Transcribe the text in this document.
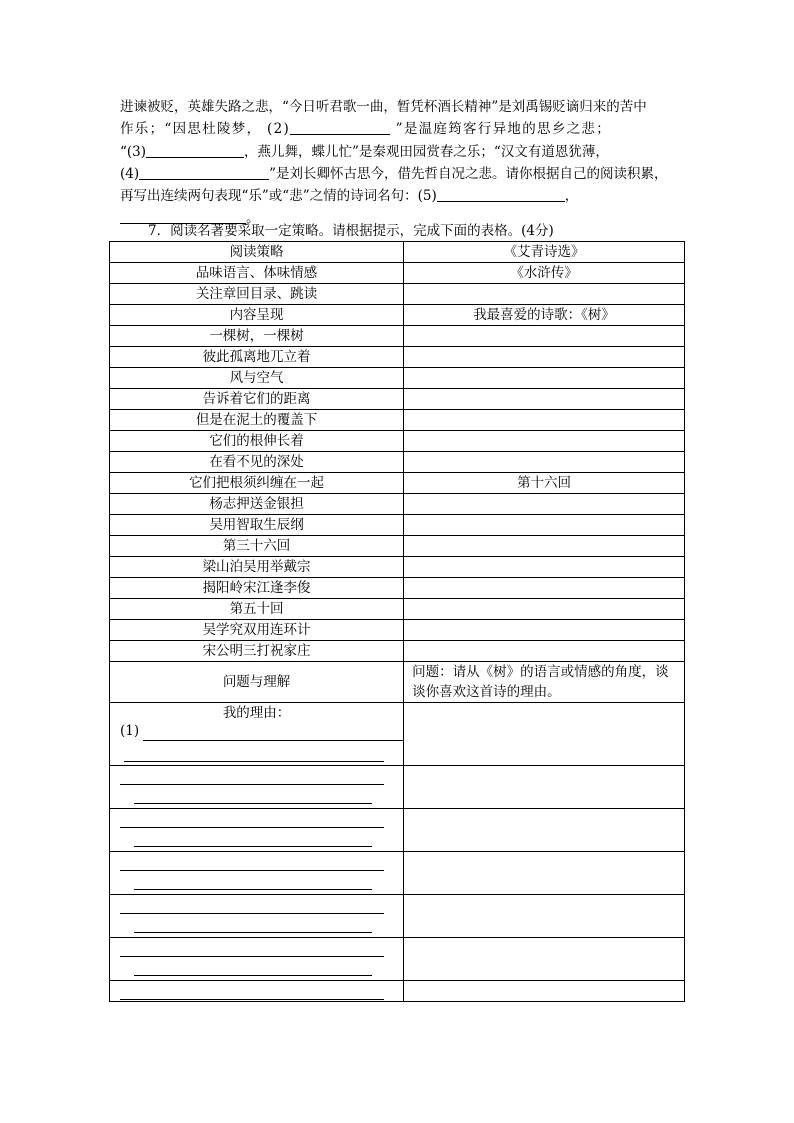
进谏被贬，英雄失路之悲，“今日听君歌一曲，暂凭杯酒长精神”是刘禹锡贬谪归来的苦中
作乐；“因思杜陵梦， (2)	”是温庭筠客行异地的思乡之悲；
“(3)	，燕儿舞，蝶儿忙”是秦观田园赏春之乐；“汉文有道恩犹薄，
(4)	”是刘长卿怀古思今，借先哲自况之悲。请你根据自己的阅读积累，
再写出连续两句表现“乐”或“悲”之情的诗词名句：(5)	，
。
7．阅读名著要采取一定策略。请根据提示，完成下面的表格。(4分)
阅读策略	《艾青诗选》
品味语言、体味情感	《水浒传》
关注章回目录、跳读	
内容呈现	我最喜爱的诗歌：《树》
一棵树，一棵树	
彼此孤离地兀立着	
风与空气	
告诉着它们的距离	
但是在泥土的覆盖下	
它们的根伸长着	
在看不见的深处	
它们把根须纠缠在一起	第十六回
杨志押送金银担	
吴用智取生辰纲	
第三十六回	
梁山泊吴用举戴宗	
揭阳岭宋江逢李俊	
第五十回	
吴学究双用连环计	
宋公明三打祝家庄	
问题与理解	问题：请从《树》的语言或情感的角度，谈谈你喜欢这首诗的理由。

我的理由：
(1)	
